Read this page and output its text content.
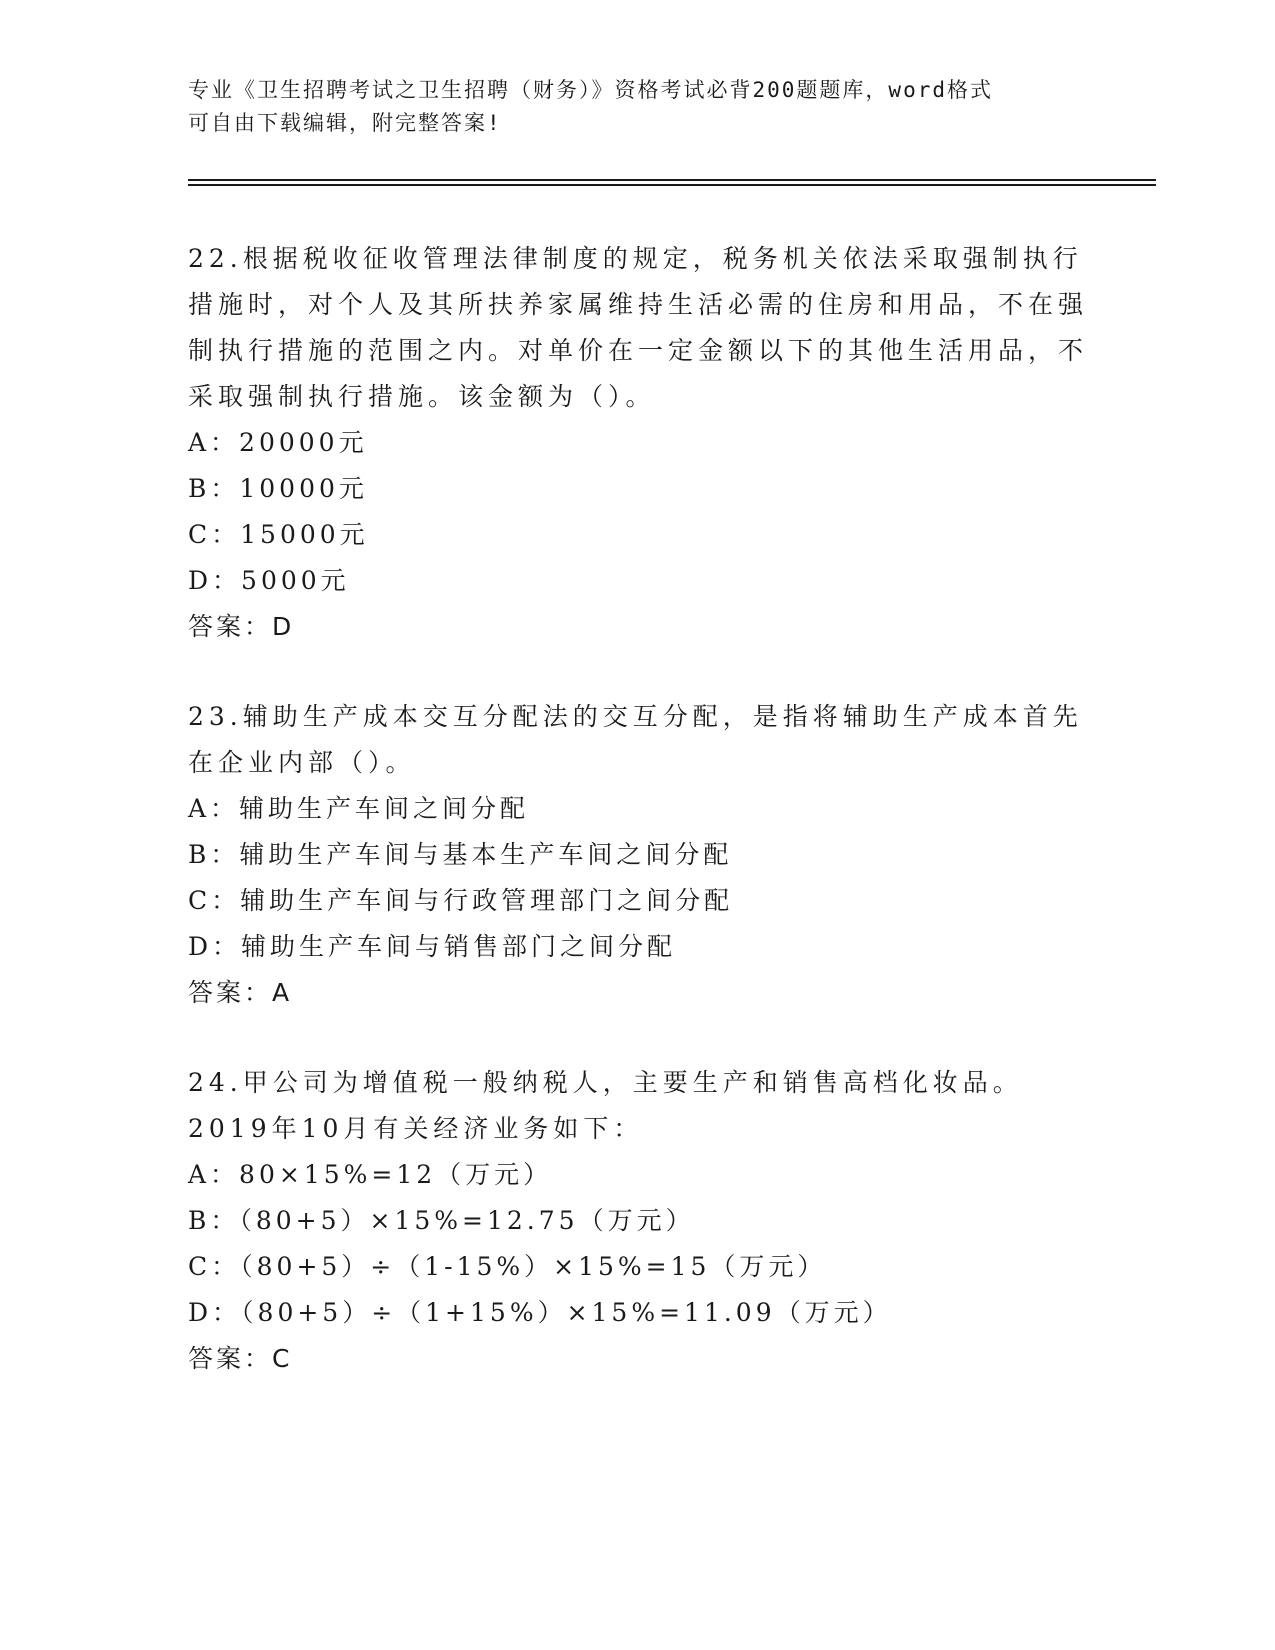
专业《卫生招聘考试之卫生招聘（财务）》资格考试必背200题题库，word格式
可自由下载编辑，附完整答案!

22.根据税收征收管理法律制度的规定，税务机关依法采取强制执行措施时，对个人及其所扶养家属维持生活必需的住房和用品，不在强制执行措施的范围之内。对单价在一定金额以下的其他生活用品，不采取强制执行措施。该金额为（）。

A：20000元

B：10000元

C：15000元

D：5000元

答案：D

23.辅助生产成本交互分配法的交互分配，是指将辅助生产成本首先在企业内部（）。

A：辅助生产车间之间分配

B：辅助生产车间与基本生产车间之间分配

C：辅助生产车间与行政管理部门之间分配

D：辅助生产车间与销售部门之间分配

答案：A

24.甲公司为增值税一般纳税人，主要生产和销售高档化妆品。2019年10月有关经济业务如下：

A：80×15%=12（万元）

B：（80+5）×15%=12.75（万元）

C：（80+5）÷（1-15%）×15%=15（万元）

D：（80+5）÷（1+15%）×15%=11.09（万元）

答案：C
